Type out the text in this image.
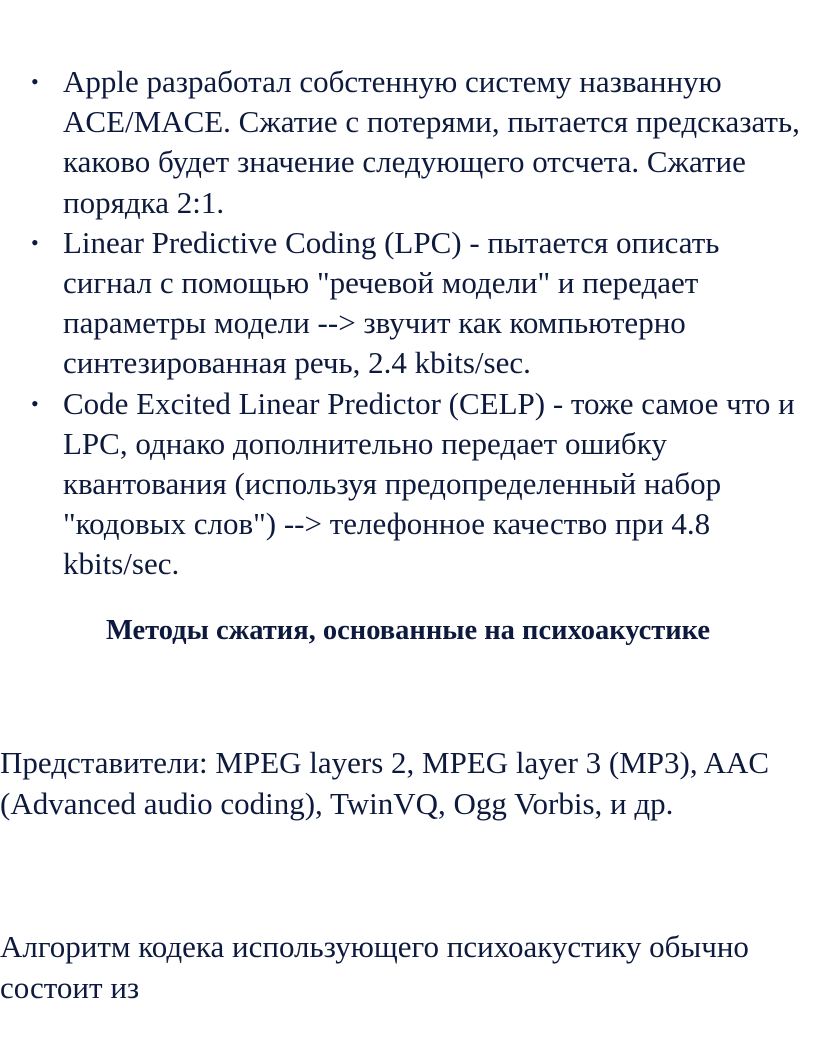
• Apple разработал собстенную систему названную ACE/MACE. Сжатие с потерями, пытается предсказать, каково будет значение следующего отсчета. Сжатие порядка 2:1.
• Linear Predictive Coding (LPC) - пытается описать сигнал с помощью "речевой модели" и передает параметры модели --> звучит как компьютерно синтезированная речь, 2.4 kbits/sec.
• Code Excited Linear Predictor (CELP) - тоже самое что и LPC, однако дополнительно передает ошибку квантования (используя предопределенный набор "кодовых слов") --> телефонное качество при 4.8 kbits/sec.
Методы сжатия, основанные на психоакустике

Представители: MPEG layers 2, MPEG layer 3 (MP3), AAC (Advanced audio coding), TwinVQ, Ogg Vorbis, и др.

Алгоритм кодека использующего психоакустику обычно состоит из
